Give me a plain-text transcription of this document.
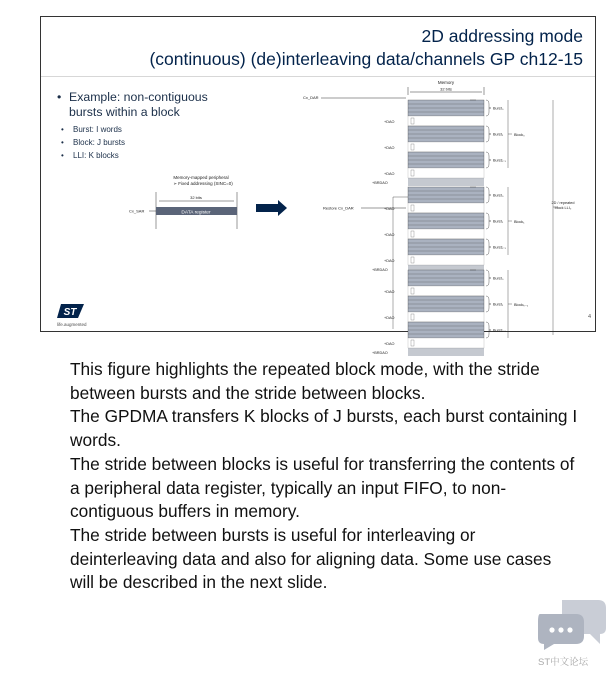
2D addressing mode
(continuous) (de)interleaving data/channels GP ch12-15
• Example: non-contiguous bursts within a block
• Burst: I words
• Block: J bursts
• LLI: K blocks
Memory-mapped peripheral
➢ Fixed addressing (SINC=0)
32 bits
DATA register
Cx_SAR
Memory
32 bits
Cx_DAR
Restore Cx_DAR
2D / repeated
block LLI₀
+DAO
Burst₀
+DAO
Burst₁
+DAO
Burstⱼ₋₁
+BRDAO
Block₀
+DAO
Burst₀
+DAO
Burst₁
+DAO
Burstⱼ₋₁
+BRDAO
Block₁
+DAO
Burst₀
+DAO
Burst₁
+DAO
Burstⱼ₋₁
+BRDAO
Blockₖ₋₁
ST
life.augmented
4

This figure highlights the repeated block mode, with the stride between bursts and the stride between blocks.

The GPDMA transfers K blocks of J bursts, each burst containing I words.

The stride between blocks is useful for transferring the contents of a peripheral data register, typically an input FIFO, to non-contiguous buffers in memory.

The stride between bursts is useful for interleaving or deinterleaving data and also for aligning data. Some use cases will be described in the next slide.

ST中文论坛
